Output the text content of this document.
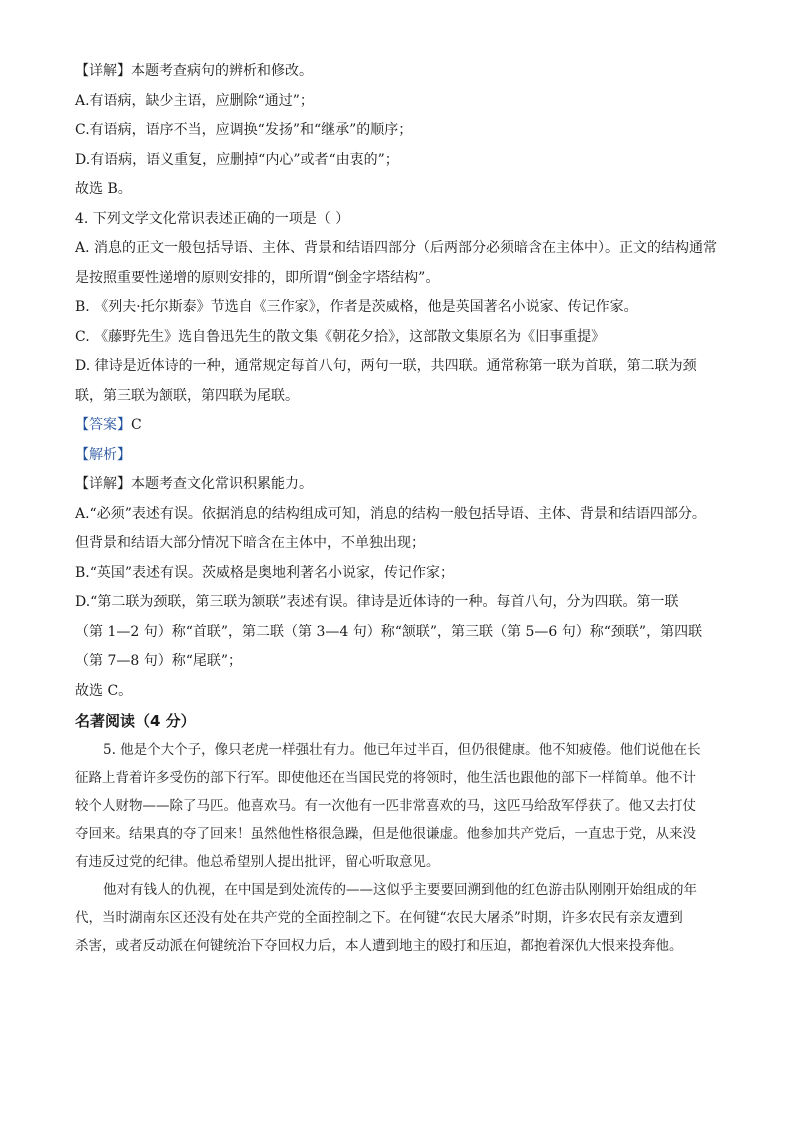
【详解】本题考查病句的辨析和修改。

A.有语病，缺少主语，应删除“通过”；

C.有语病，语序不当，应调换“发扬”和“继承”的顺序；

D.有语病，语义重复，应删掉“内心”或者“由衷的”；

故选 B。

4. 下列文学文化常识表述正确的一项是（ ）

A. 消息的正文一般包括导语、主体、背景和结语四部分（后两部分必须暗含在主体中）。正文的结构通常

是按照重要性递增的原则安排的，即所谓“倒金字塔结构”。

B. 《列夫·托尔斯泰》节选自《三作家》，作者是茨威格，他是英国著名小说家、传记作家。

C. 《藤野先生》选自鲁迅先生的散文集《朝花夕拾》，这部散文集原名为《旧事重提》

D. 律诗是近体诗的一种，通常规定每首八句，两句一联，共四联。通常称第一联为首联，第二联为颈

联，第三联为颔联，第四联为尾联。

【答案】C

【解析】

【详解】本题考查文化常识积累能力。

A.“必须”表述有误。依据消息的结构组成可知，消息的结构一般包括导语、主体、背景和结语四部分。

但背景和结语大部分情况下暗含在主体中，不单独出现；

B.“英国”表述有误。茨威格是奥地利著名小说家，传记作家；

D.“第二联为颈联，第三联为颔联”表述有误。律诗是近体诗的一种。每首八句，分为四联。第一联

（第 1—2 句）称“首联”，第二联（第 3—4 句）称“颔联”，第三联（第 5—6 句）称“颈联”，第四联

（第 7—8 句）称“尾联”；

故选 C。

名著阅读（4 分）

5. 他是个大个子，像只老虎一样强壮有力。他已年过半百，但仍很健康。他不知疲倦。他们说他在长

征路上背着许多受伤的部下行军。即使他还在当国民党的将领时，他生活也跟他的部下一样简单。他不计

较个人财物——除了马匹。他喜欢马。有一次他有一匹非常喜欢的马，这匹马给敌军俘获了。他又去打仗

夺回来。结果真的夺了回来！虽然他性格很急躁，但是他很谦虚。他参加共产党后，一直忠于党，从来没

有违反过党的纪律。他总希望别人提出批评，留心听取意见。

他对有钱人的仇视，在中国是到处流传的——这似乎主要要回溯到他的红色游击队刚刚开始组成的年

代，当时湖南东区还没有处在共产党的全面控制之下。在何键“农民大屠杀”时期，许多农民有亲友遭到

杀害，或者反动派在何键统治下夺回权力后，本人遭到地主的殴打和压迫，都抱着深仇大恨来投奔他。
